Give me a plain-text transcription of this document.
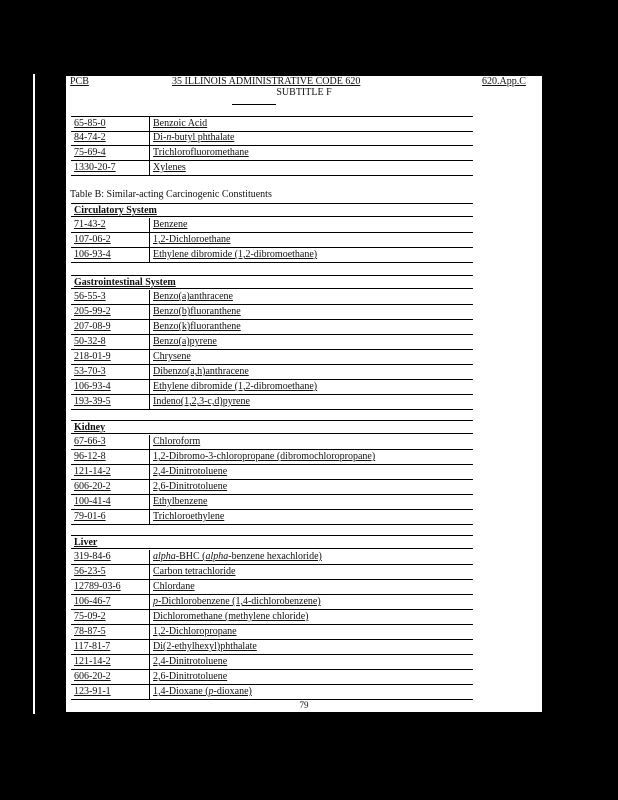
PCB	35 ILLINOIS ADMINISTRATIVE CODE 620	620.App.C
SUBTITLE F
65-85-0	Benzoic Acid
84-74-2	Di-n-butyl phthalate
75-69-4	Trichlorofluoromethane
1330-20-7	Xylenes
Table B: Similar-acting Carcinogenic Constituents
Circulatory System
71-43-2	Benzene
107-06-2	1,2-Dichloroethane
106-93-4	Ethylene dibromide (1,2-dibromoethane)
Gastrointestinal System
56-55-3	Benzo(a)anthracene
205-99-2	Benzo(b)fluoranthene
207-08-9	Benzo(k)fluoranthene
50-32-8	Benzo(a)pyrene
218-01-9	Chrysene
53-70-3	Dibenzo(a,h)anthracene
106-93-4	Ethylene dibromide (1,2-dibromoethane)
193-39-5	Indeno(1,2,3-c,d)pyrene
Kidney
67-66-3	Chloroform
96-12-8	1,2-Dibromo-3-chloropropane (dibromochloropropane)
121-14-2	2,4-Dinitrotoluene
606-20-2	2,6-Dinitrotoluene
100-41-4	Ethylbenzene
79-01-6	Trichloroethylene
Liver
319-84-6	alpha-BHC (alpha-benzene hexachloride)
56-23-5	Carbon tetrachloride
12789-03-6	Chlordane
106-46-7	p-Dichlorobenzene (1,4-dichlorobenzene)
75-09-2	Dichloromethane (methylene chloride)
78-87-5	1,2-Dichloropropane
117-81-7	Di(2-ethylhexyl)phthalate
121-14-2	2,4-Dinitrotoluene
606-20-2	2,6-Dinitrotoluene
123-91-1	1,4-Dioxane (p-dioxane)
79
